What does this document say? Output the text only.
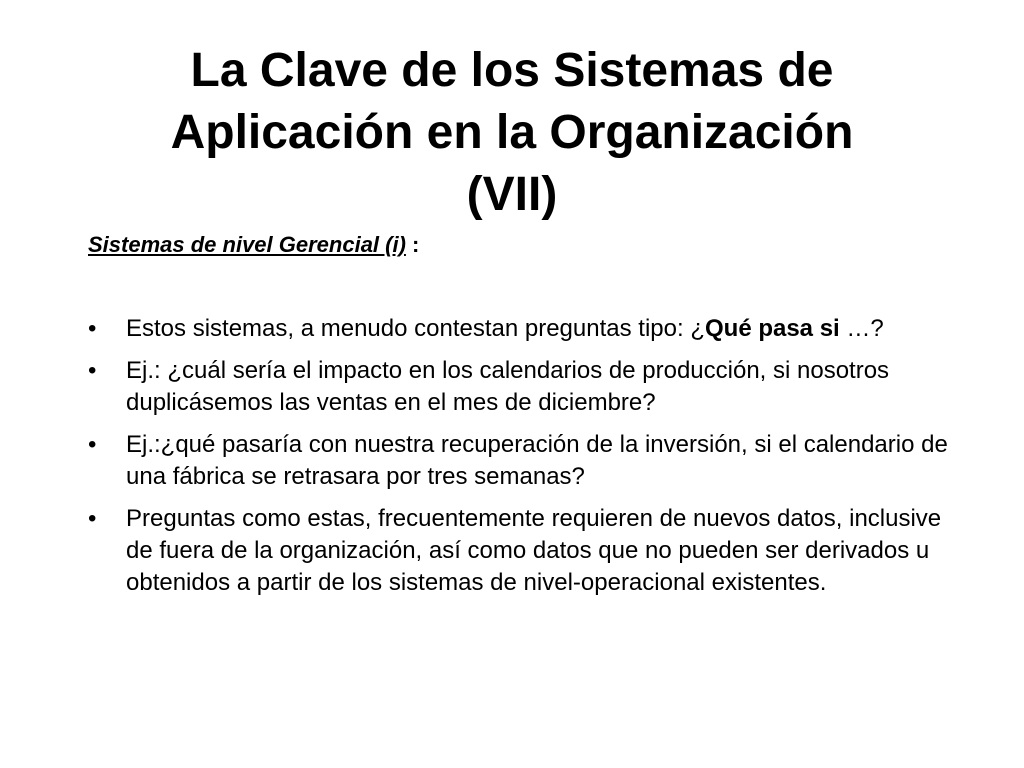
La Clave de los Sistemas de
Aplicación en la Organización
(VII)

Sistemas de nivel Gerencial (i) :

•	Estos sistemas, a menudo contestan preguntas tipo: ¿Qué pasa si …?
•	Ej.: ¿cuál sería el impacto en los calendarios de producción, si nosotros duplicásemos las ventas en el mes de diciembre?
•	Ej.:¿qué pasaría con nuestra recuperación de la inversión, si el calendario de una fábrica se retrasara por tres semanas?
•	Preguntas como estas, frecuentemente requieren de nuevos datos, inclusive de fuera de la organización, así como datos que no pueden ser derivados u obtenidos a partir de los sistemas de nivel-operacional existentes.
